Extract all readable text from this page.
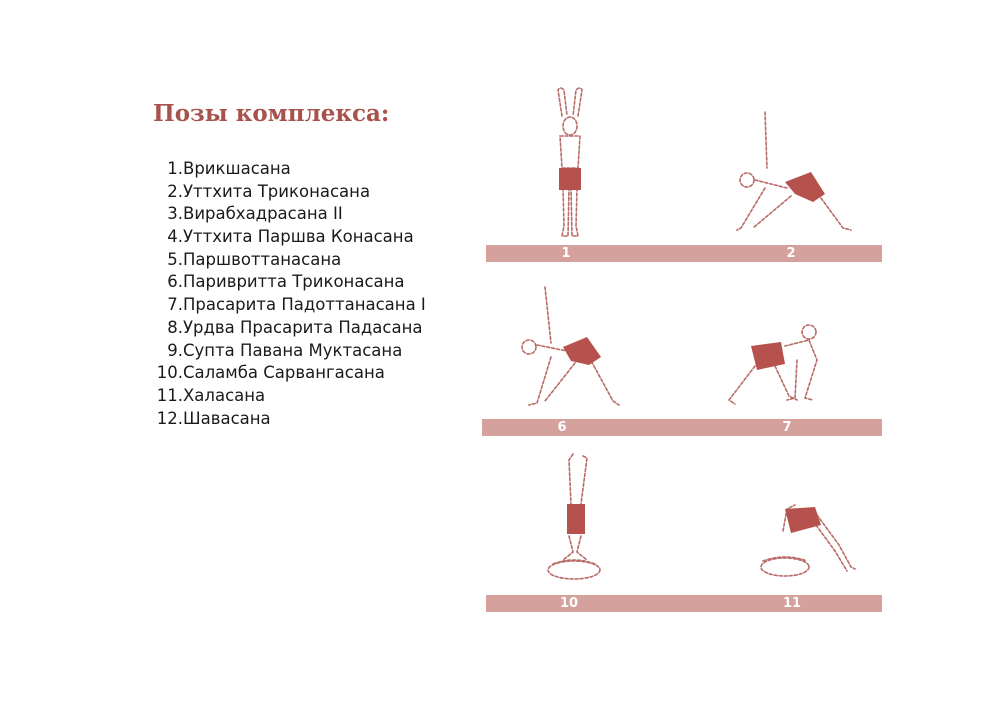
Позы комплекса:
1. Врикшасана
2. Уттхита Триконасана
3. Вирабхадрасана II
4. Уттхита Паршва Конасана
5. Паршвоттанасана
6. Паривритта Триконасана
7. Прасарита Падоттанасана I
8. Урдва Прасарита Падасана
9. Супта Павана Муктасана
10. Саламба Сарвангасана
11. Халасана
12. Шавасана
1	2
6	7
10	11
